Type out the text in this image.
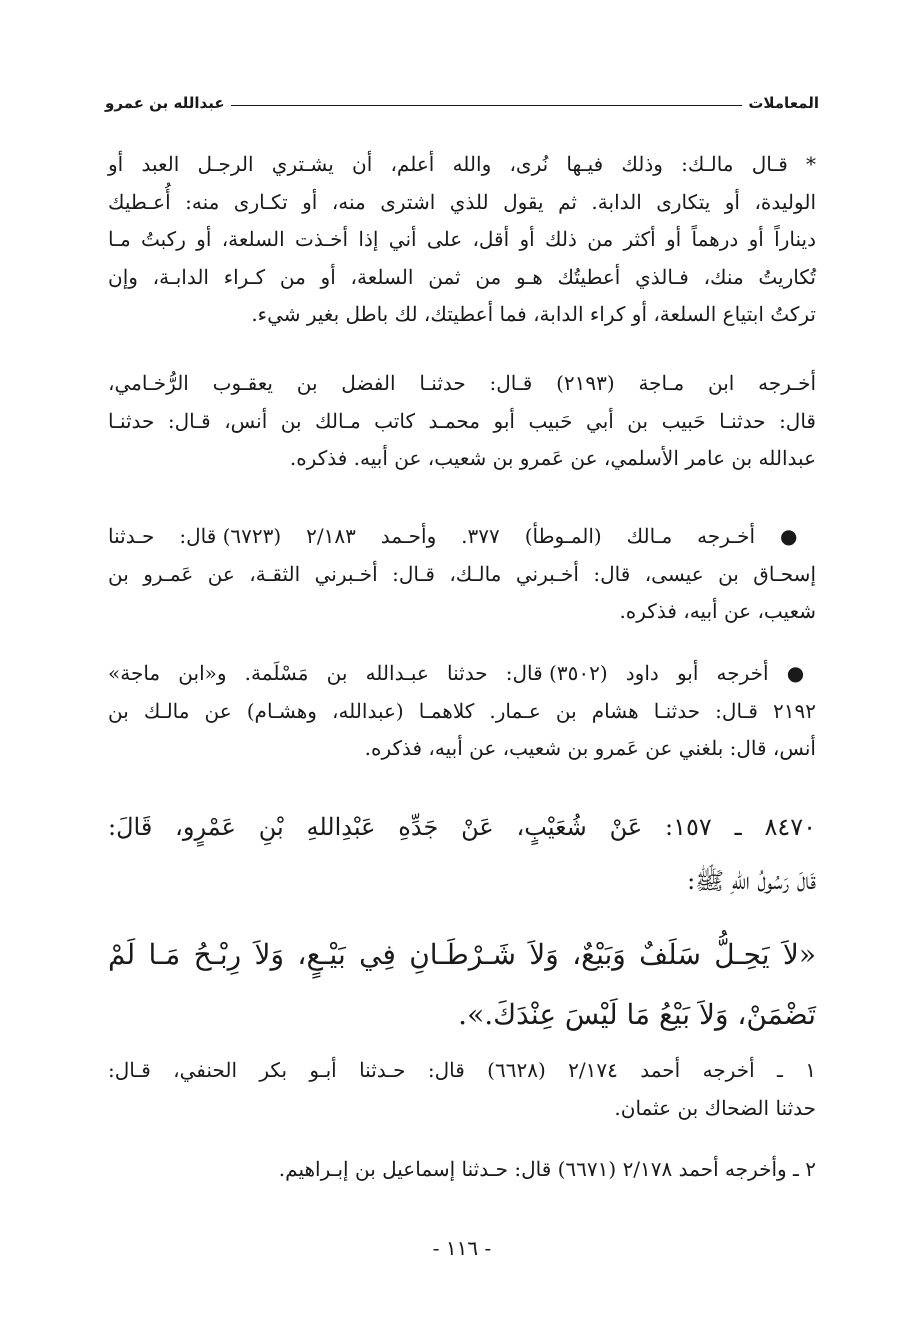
المعاملات
عبدالله بن عمرو
* قـال مالـك: وذلك فيـها نُرى، والله أعلم، أن يشـتري الرجـل العبد أو
الوليدة، أو يتكارى الدابة. ثم يقول للذي اشترى منه، أو تكـارى منه: أُعـطيك
ديناراً أو درهماً أو أكثر من ذلك أو أقل، على أني إذا أخـذت السلعة، أو ركبتُ مـا
تُكاريتُ منك، فـالذي أعطيتُك هـو من ثمن السلعة، أو من كـراء الدابـة، وإن
تركتُ ابتياع السلعة، أو كراء الدابة، فما أعطيتك، لك باطل بغير شيء.
أخـرجه ابن مـاجة (٢١٩٣) قـال: حدثنـا الفضل بن يعقـوب الرُّخـامي،
قال: حدثنـا حَبيب بن أبي حَبيب أبو محمـد كاتب مـالك بن أنس، قـال: حدثنـا
عبدالله بن عامر الأسلمي، عن عَمرو بن شعيب، عن أبيه. فذكره.
● أخـرجه مـالك (المـوطأ) ٣٧٧. وأحـمد ٢/١٨٣ (٦٧٢٣) قال: حـدثنا
إسحـاق بن عيسى، قال: أخـبرني مالـك، قـال: أخـبرني الثقـة، عن عَمـرو بن
شعيب، عن أبيه، فذكره.
● أخرجه أبو داود (٣٥٠٢) قال: حدثنا عبـدالله بن مَسْلَمة. و«ابن ماجة»
٢١٩٢ قـال: حدثنـا هشام بن عـمار. كلاهمـا (عبدالله، وهشـام) عن مالـك بن
أنس، قال: بلغني عن عَمرو بن شعيب، عن أبيه، فذكره.
٨٤٧٠ ـ ١٥٧: عَنْ شُعَيْبٍ، عَنْ جَدِّهِ عَبْدِاللهِ بْنِ عَمْرٍو، قَالَ:
قَالَ رَسُولُ اللهِ ﷺ:
«لاَ يَحِـلُّ سَلَفٌ وَبَيْعٌ، وَلاَ شَـرْطَـانِ فِي بَيْـعٍ، وَلاَ رِبْـحُ مَـا لَمْ
تَضْمَنْ، وَلاَ بَيْعُ مَا لَيْسَ عِنْدَكَ.».
١ ـ أخرجه أحمد ٢/١٧٤ (٦٦٢٨) قال: حـدثنا أبـو بكر الحنفي، قـال:
حدثنا الضحاك بن عثمان.
٢ ـ وأخرجه أحمد ٢/١٧٨ (٦٦٧١) قال: حـدثنا إسماعيل بن إبـراهيم.
- ١١٦ -
